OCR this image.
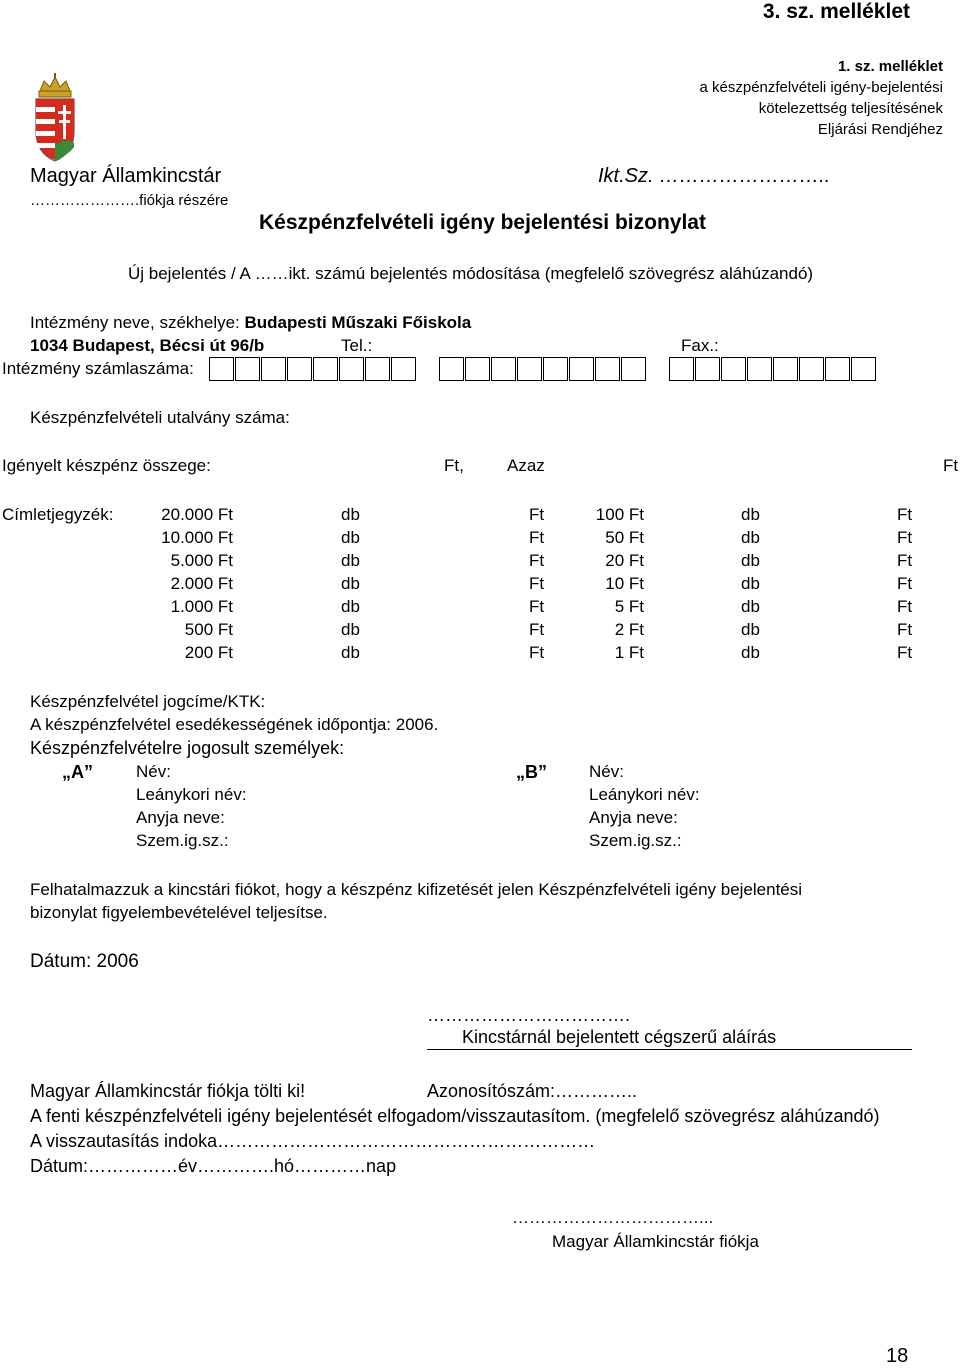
3. sz. melléklet
1. sz. melléklet
a készpénzfelvételi igény-bejelentési
kötelezettség teljesítésének
Eljárási Rendjéhez
Magyar Államkincstár	Ikt.Sz. ……………………..
………………….fiókja részére
Készpénzfelvételi igény bejelentési bizonylat
Új bejelentés / A ……ikt. számú bejelentés módosítása (megfelelő szövegrész aláhúzandó)
Intézmény neve, székhelye: Budapesti Műszaki Főiskola
1034 Budapest, Bécsi út 96/b	Tel.:	Fax.:
Intézmény számlaszáma:
Készpénzfelvételi utalvány száma:
Igényelt készpénz összege:	Ft,	Azaz	Ft
Címletjegyzék:	20.000 Ft	db	Ft	100 Ft	db	Ft
10.000 Ft	db	Ft	50 Ft	db	Ft
5.000 Ft	db	Ft	20 Ft	db	Ft
2.000 Ft	db	Ft	10 Ft	db	Ft
1.000 Ft	db	Ft	5 Ft	db	Ft
500 Ft	db	Ft	2 Ft	db	Ft
200 Ft	db	Ft	1 Ft	db	Ft
Készpénzfelvétel jogcíme/KTK:
A készpénzfelvétel esedékességének időpontja: 2006.
Készpénzfelvételre jogosult személyek:
„A”	Név:
Leánykori név:
Anyja neve:
Szem.ig.sz.:
„B” Név:
Leánykori név:
Anyja neve:
Szem.ig.sz.:
Felhatalmazzuk a kincstári fiókot, hogy a készpénz kifizetését jelen Készpénzfelvételi igény bejelentési
bizonylat figyelembevételével teljesítse.
Dátum: 2006
…………………………….
Kincstárnál bejelentett cégszerű aláírás
Magyar Államkincstár fiókja tölti ki!	Azonosítószám:…………..
A fenti készpénzfelvételi igény bejelentését elfogadom/visszautasítom. (megfelelő szövegrész aláhúzandó)
A visszautasítás indoka………………………………………………………
Dátum:……………év………….hó…………nap
……………………………...
Magyar Államkincstár fiókja
18
